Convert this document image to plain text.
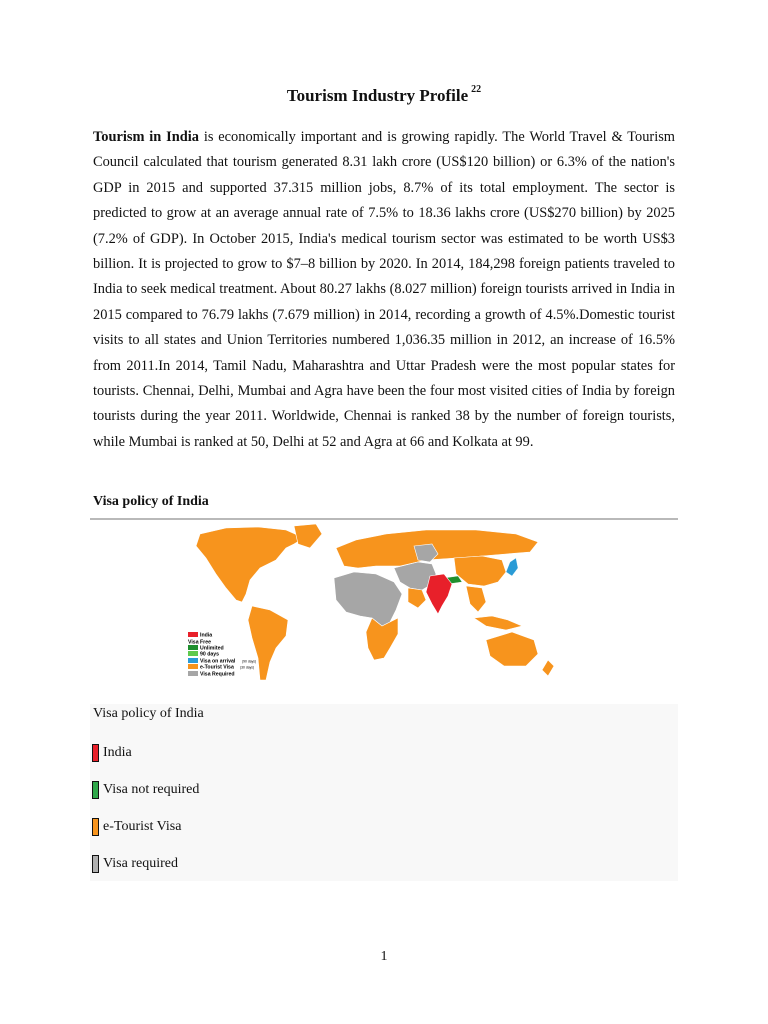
Tourism Industry Profile $^{22}$

Tourism in India is economically important and is growing rapidly. The World Travel & Tourism Council calculated that tourism generated 8.31 lakh crore (US$120 billion) or 6.3% of the nation's GDP in 2015 and supported 37.315 million jobs, 8.7% of its total employment. The sector is predicted to grow at an average annual rate of 7.5% to 18.36 lakhs crore (US$270 billion) by 2025 (7.2% of GDP). In October 2015, India's medical tourism sector was estimated to be worth US$3 billion. It is projected to grow to $7–8 billion by 2020. In 2014, 184,298 foreign patients traveled to India to seek medical treatment. About 80.27 lakhs (8.027 million) foreign tourists arrived in India in 2015 compared to 76.79 lakhs (7.679 million) in 2014, recording a growth of 4.5%.Domestic tourist visits to all states and Union Territories numbered 1,036.35 million in 2012, an increase of 16.5% from 2011.In 2014, Tamil Nadu, Maharashtra and Uttar Pradesh were the most popular states for tourists. Chennai, Delhi, Mumbai and Agra have been the four most visited cities of India by foreign tourists during the year 2011. Worldwide, Chennai is ranked 38 by the number of foreign tourists, while Mumbai is ranked at 50, Delhi at 52 and Agra at 66 and Kolkata at 99.

Visa policy of India

India
Visa Free
Unlimited
90 days
Visa on arrival (90 days)
e-Tourist Visa (30 days)
Visa Required
Visa policy of India
India
Visa not required
e-Tourist Visa
Visa required
1
